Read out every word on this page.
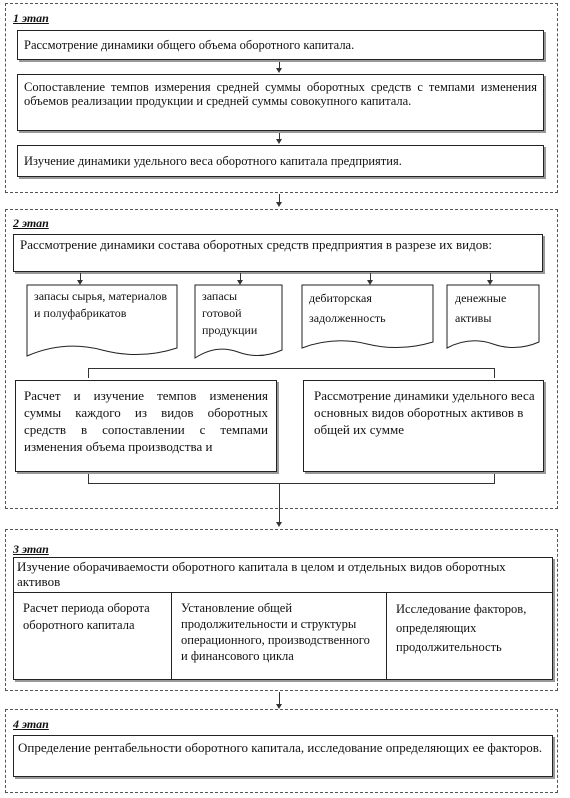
1 этап
Рассмотрение динамики общего объема оборотного капитала.
Сопоставление темпов измерения средней суммы оборотных средств с темпами изменения объемов реализации продукции и средней суммы совокупного капитала.
Изучение динамики удельного веса оборотного капитала предприятия.
2 этап
Рассмотрение динамики состава оборотных средств предприятия в разрезе их видов:
запасы сырья, материалов и полуфабрикатов
запасы готовой продукции
дебиторская задолженность
денежные активы
Расчет и изучение темпов изменения суммы каждого из видов оборотных средств в сопоставлении с темпами изменения объема производства и
Рассмотрение динамики удельного веса основных видов оборотных активов в общей их сумме
3 этап
Изучение оборачиваемости оборотного капитала в целом и отдельных видов оборотных активов
Расчет периода оборота оборотного капитала
Установление общей продолжительности и структуры операционного, производственного и финансового цикла
Исследование факторов, определяющих продолжительность
4 этап
Определение рентабельности оборотного капитала, исследование определяющих ее факторов.
